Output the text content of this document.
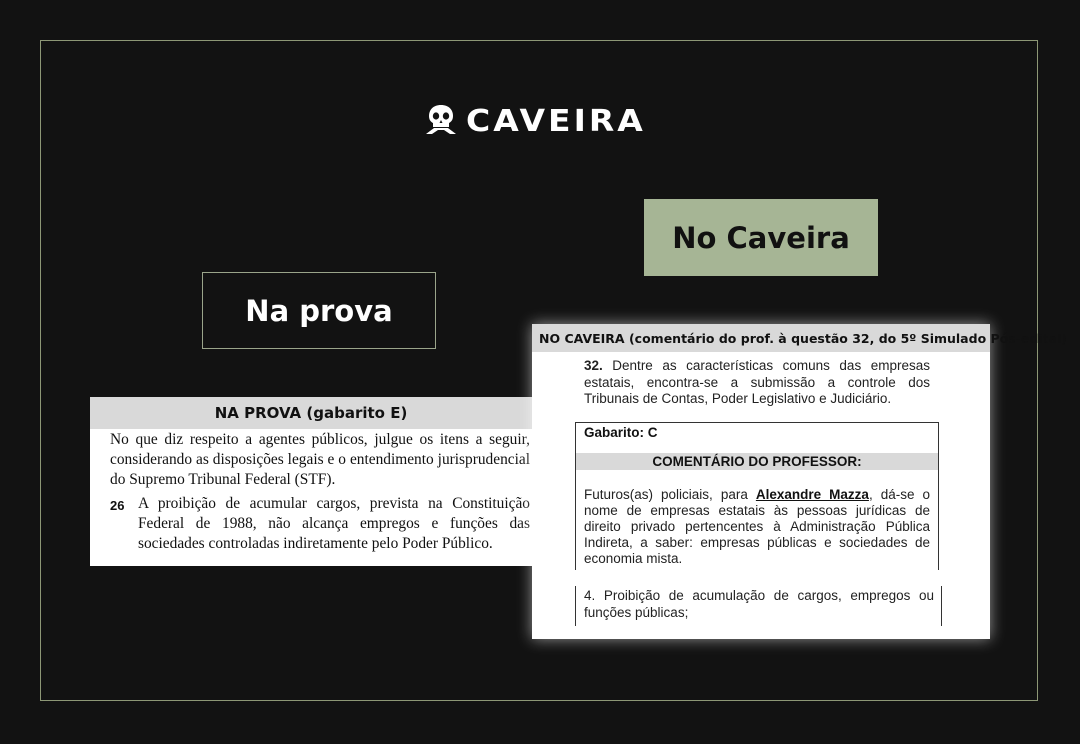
CAVEIRA
No Caveira
Na prova
NA PROVA (gabarito E)
No que diz respeito a agentes públicos, julgue os itens a seguir, considerando as disposições legais e o entendimento jurisprudencial do Supremo Tribunal Federal (STF).
26 A proibição de acumular cargos, prevista na Constituição Federal de 1988, não alcança empregos e funções das sociedades controladas indiretamente pelo Poder Público.
NO CAVEIRA (comentário do prof. à questão 32, do 5º Simulado Pós-edital)
32. Dentre as características comuns das empresas estatais, encontra-se a submissão a controle dos Tribunais de Contas, Poder Legislativo e Judiciário.
Gabarito: C
COMENTÁRIO DO PROFESSOR:
Futuros(as) policiais, para Alexandre Mazza, dá-se o nome de empresas estatais às pessoas jurídicas de direito privado pertencentes à Administração Pública Indireta, a saber: empresas públicas e sociedades de economia mista.
4. Proibição de acumulação de cargos, empregos ou funções públicas;
